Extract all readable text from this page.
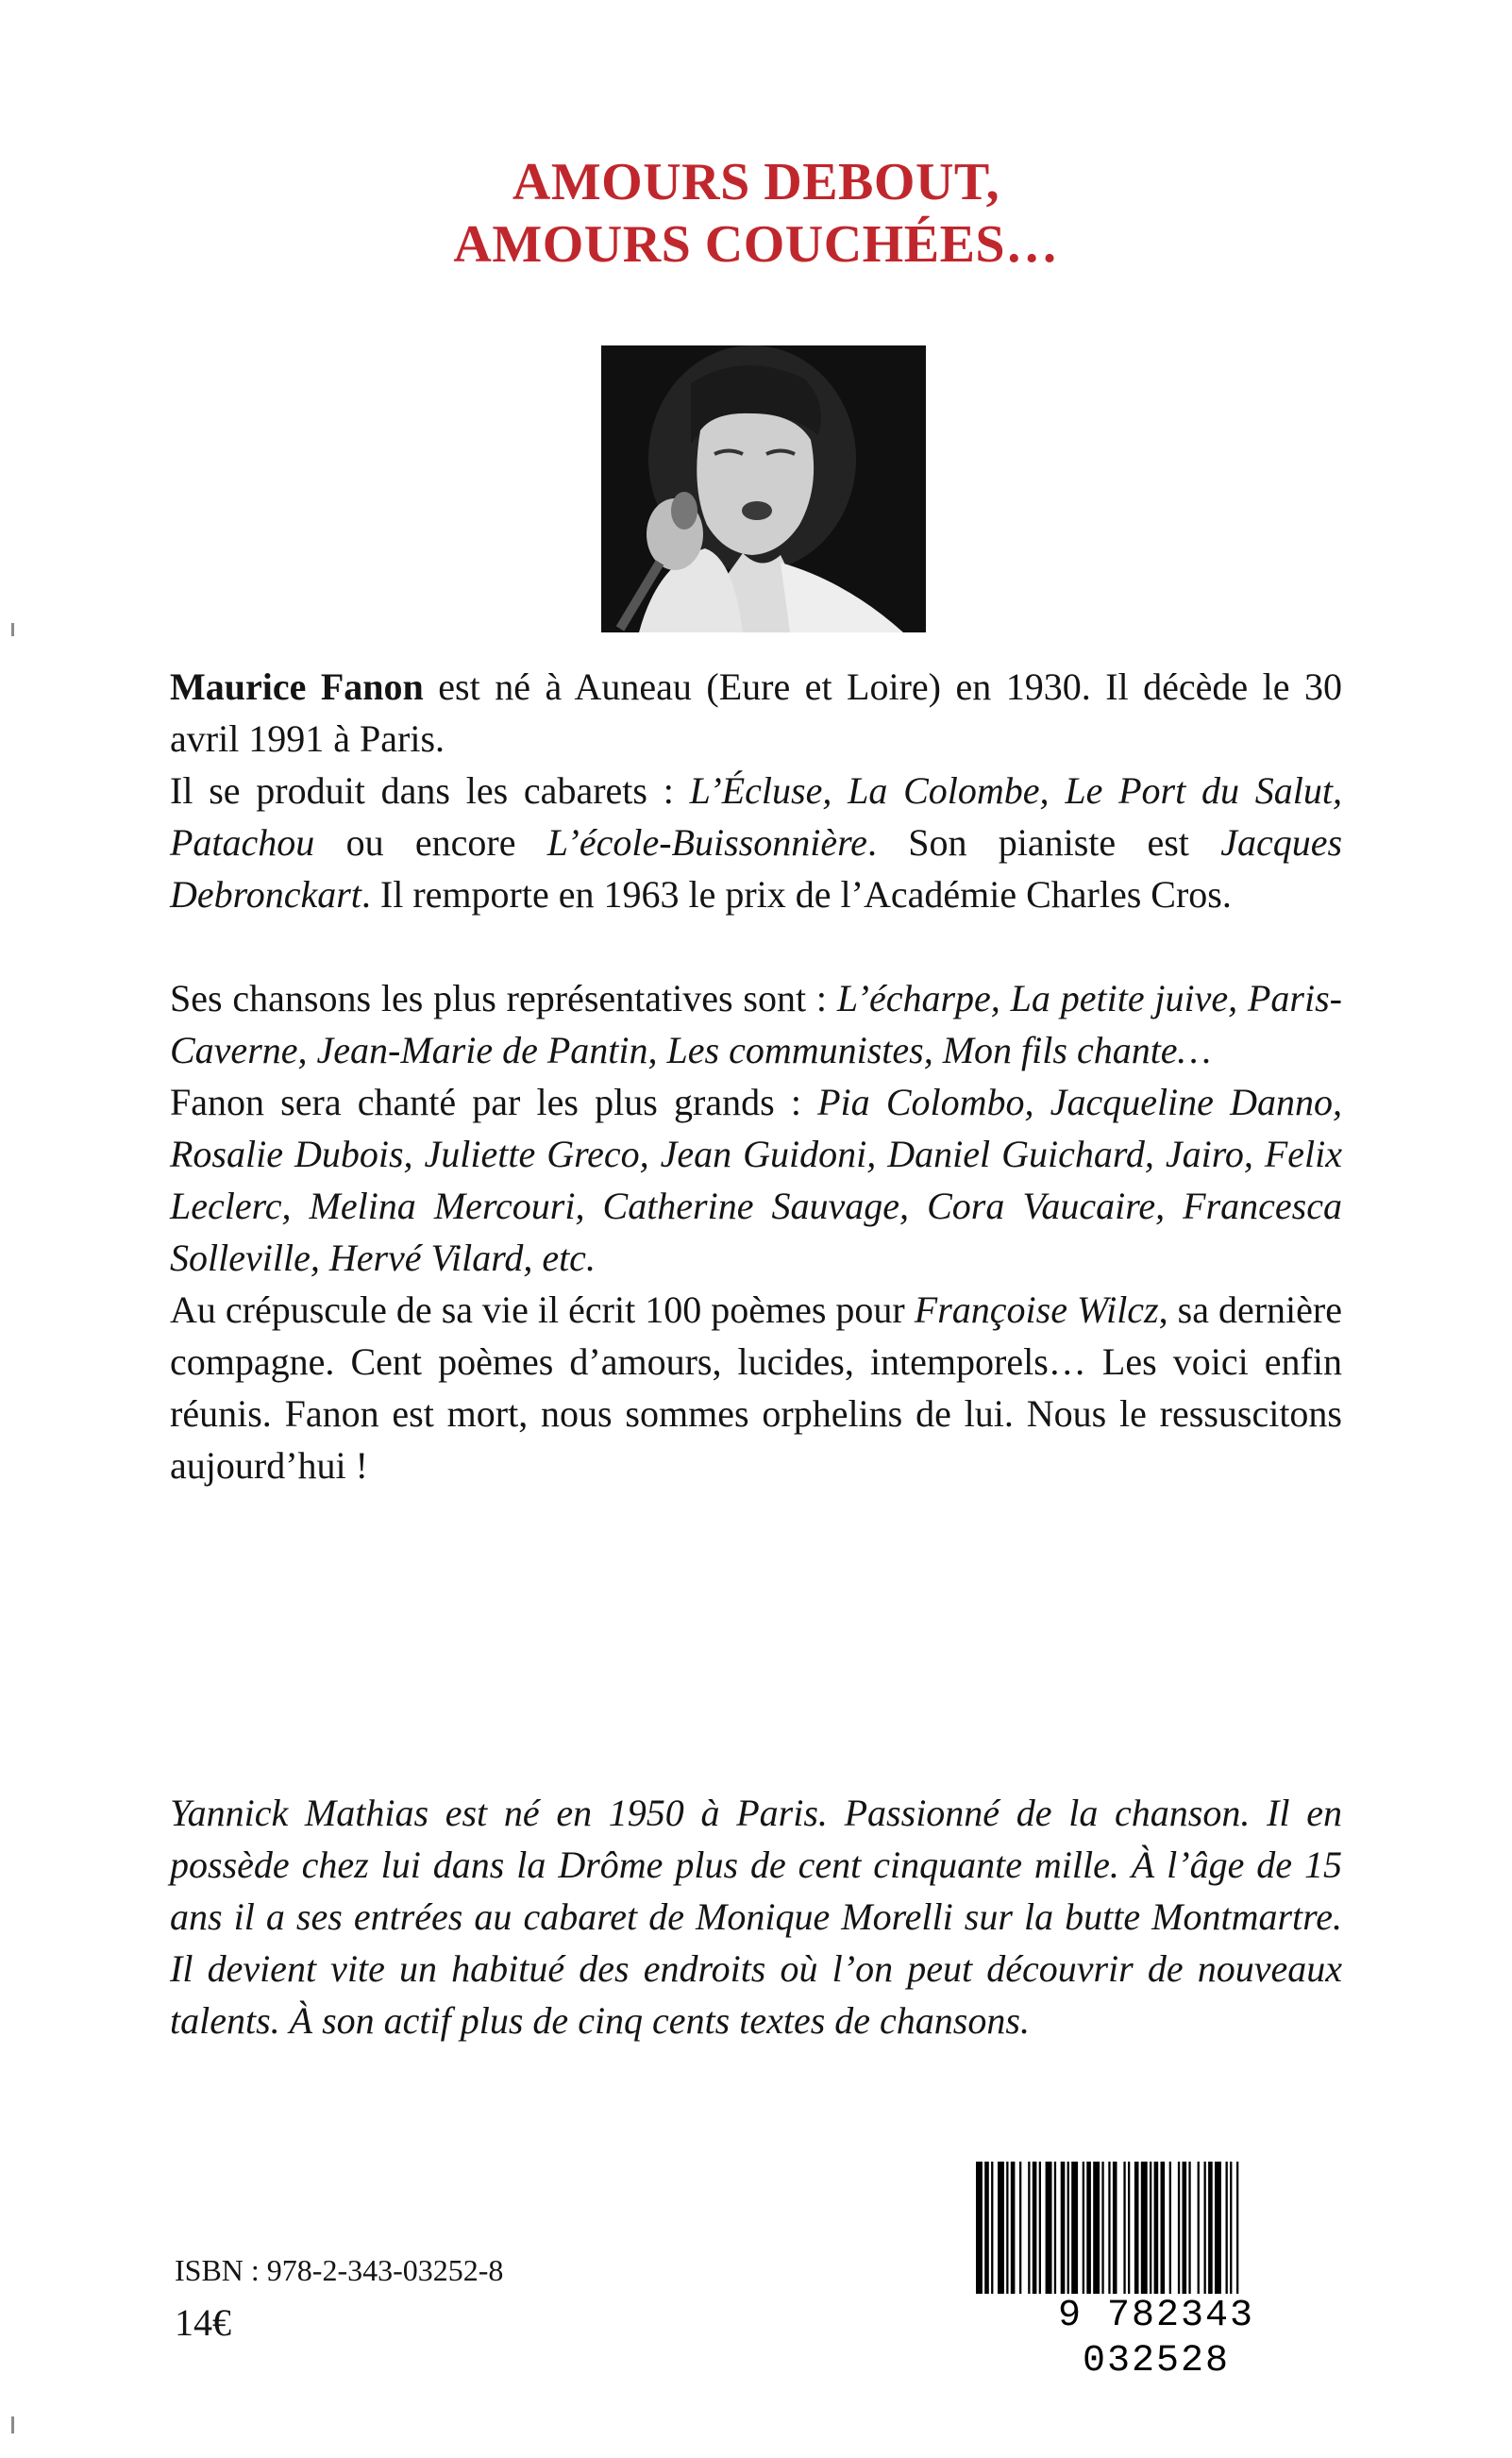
AMOURS DEBOUT,
AMOURS COUCHÉES…

Maurice Fanon est né à Auneau (Eure et Loire) en 1930. Il décède le 30 avril 1991 à Paris.

Il se produit dans les cabarets : L’Écluse, La Colombe, Le Port du Salut, Patachou ou encore L’école-Buissonnière. Son pianiste est Jacques Debronckart. Il remporte en 1963 le prix de l’Académie Charles Cros.

Ses chansons les plus représentatives sont : L’écharpe, La petite juive, Paris-Caverne, Jean-Marie de Pantin, Les communistes, Mon fils chante…

Fanon sera chanté par les plus grands : Pia Colombo, Jacqueline Danno, Rosalie Dubois, Juliette Greco, Jean Guidoni, Daniel Guichard, Jairo, Felix Leclerc, Melina Mercouri, Catherine Sauvage, Cora Vaucaire, Francesca Solleville, Hervé Vilard, etc.

Au crépuscule de sa vie il écrit 100 poèmes pour Françoise Wilcz, sa dernière compagne. Cent poèmes d’amours, lucides, intemporels… Les voici enfin réunis. Fanon est mort, nous sommes orphelins de lui. Nous le ressuscitons aujourd’hui !

Yannick Mathias est né en 1950 à Paris. Passionné de la chanson. Il en possède chez lui dans la Drôme plus de cent cinquante mille. À l’âge de 15 ans il a ses entrées au cabaret de Monique Morelli sur la butte Montmartre. Il devient vite un habitué des endroits où l’on peut découvrir de nouveaux talents. À son actif plus de cinq cents textes de chansons.
ISBN : 978-2-343-03252-8
14€	9 782343 032528
